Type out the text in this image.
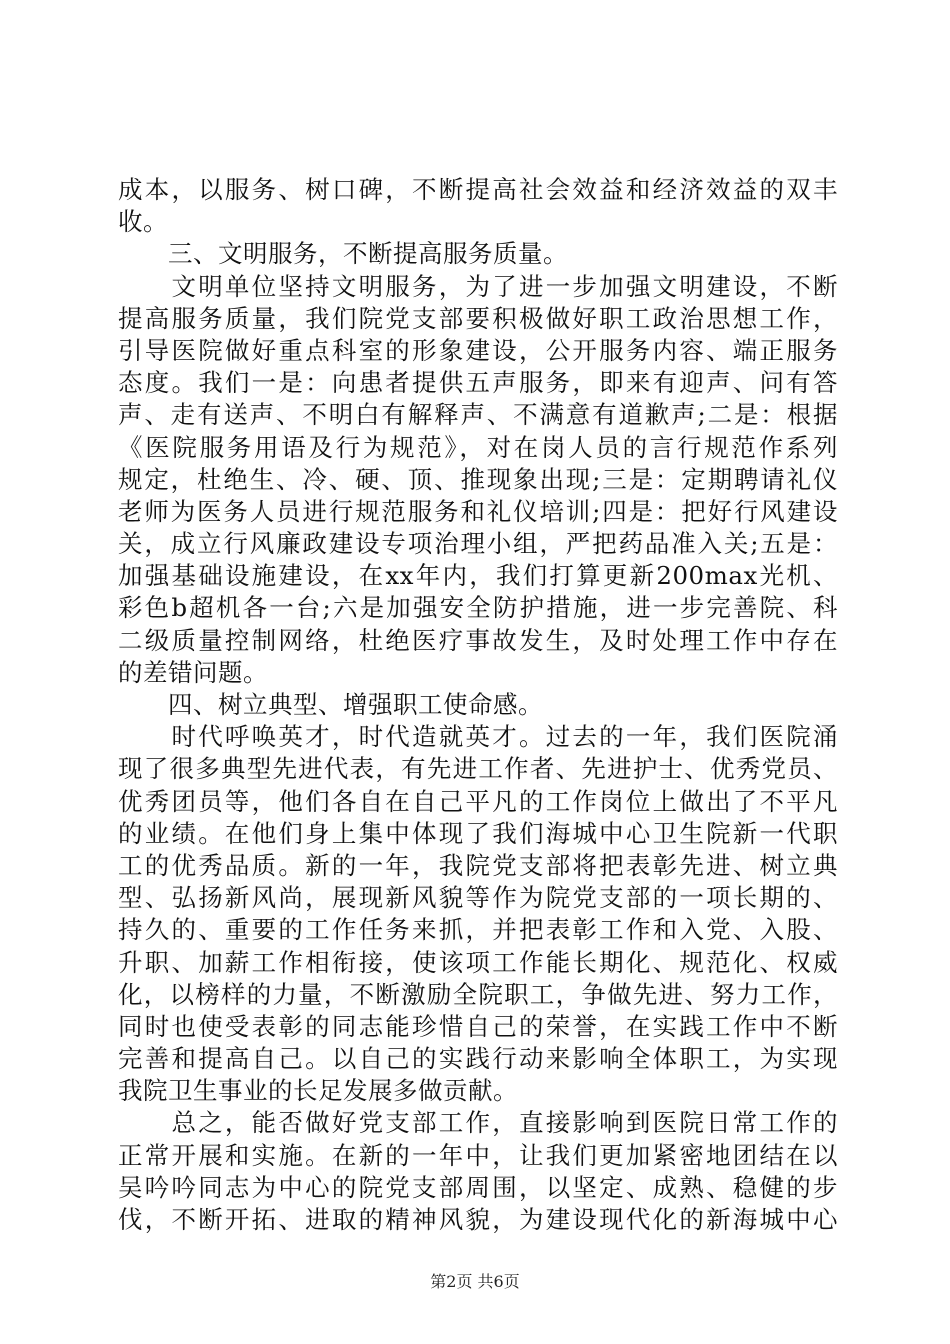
成本，以服务、树口碑，不断提高社会效益和经济效益的双丰
收。
　　三、文明服务，不断提高服务质量。
　　文明单位坚持文明服务，为了进一步加强文明建设，不断
提高服务质量，我们院党支部要积极做好职工政治思想工作，
引导医院做好重点科室的形象建设，公开服务内容、端正服务
态度。我们一是：向患者提供五声服务，即来有迎声、问有答
声、走有送声、不明白有解释声、不满意有道歉声;二是：根据
《医院服务用语及行为规范》，对在岗人员的言行规范作系列
规定，杜绝生、冷、硬、顶、推现象出现;三是：定期聘请礼仪
老师为医务人员进行规范服务和礼仪培训;四是：把好行风建设
关，成立行风廉政建设专项治理小组，严把药品准入关;五是：
加强基础设施建设，在xx年内，我们打算更新200max光机、
彩色b超机各一台;六是加强安全防护措施，进一步完善院、科
二级质量控制网络，杜绝医疗事故发生，及时处理工作中存在
的差错问题。
　　四、树立典型、增强职工使命感。
　　时代呼唤英才，时代造就英才。过去的一年，我们医院涌
现了很多典型先进代表，有先进工作者、先进护士、优秀党员、
优秀团员等，他们各自在自己平凡的工作岗位上做出了不平凡
的业绩。在他们身上集中体现了我们海城中心卫生院新一代职
工的优秀品质。新的一年，我院党支部将把表彰先进、树立典
型、弘扬新风尚，展现新风貌等作为院党支部的一项长期的、
持久的、重要的工作任务来抓，并把表彰工作和入党、入股、
升职、加薪工作相衔接，使该项工作能长期化、规范化、权威
化，以榜样的力量，不断激励全院职工，争做先进、努力工作，
同时也使受表彰的同志能珍惜自己的荣誉，在实践工作中不断
完善和提高自己。以自己的实践行动来影响全体职工，为实现
我院卫生事业的长足发展多做贡献。
　　总之，能否做好党支部工作，直接影响到医院日常工作的
正常开展和实施。在新的一年中，让我们更加紧密地团结在以
吴吟吟同志为中心的院党支部周围，以坚定、成熟、稳健的步
伐，不断开拓、进取的精神风貌，为建设现代化的新海城中心
第2页 共6页
